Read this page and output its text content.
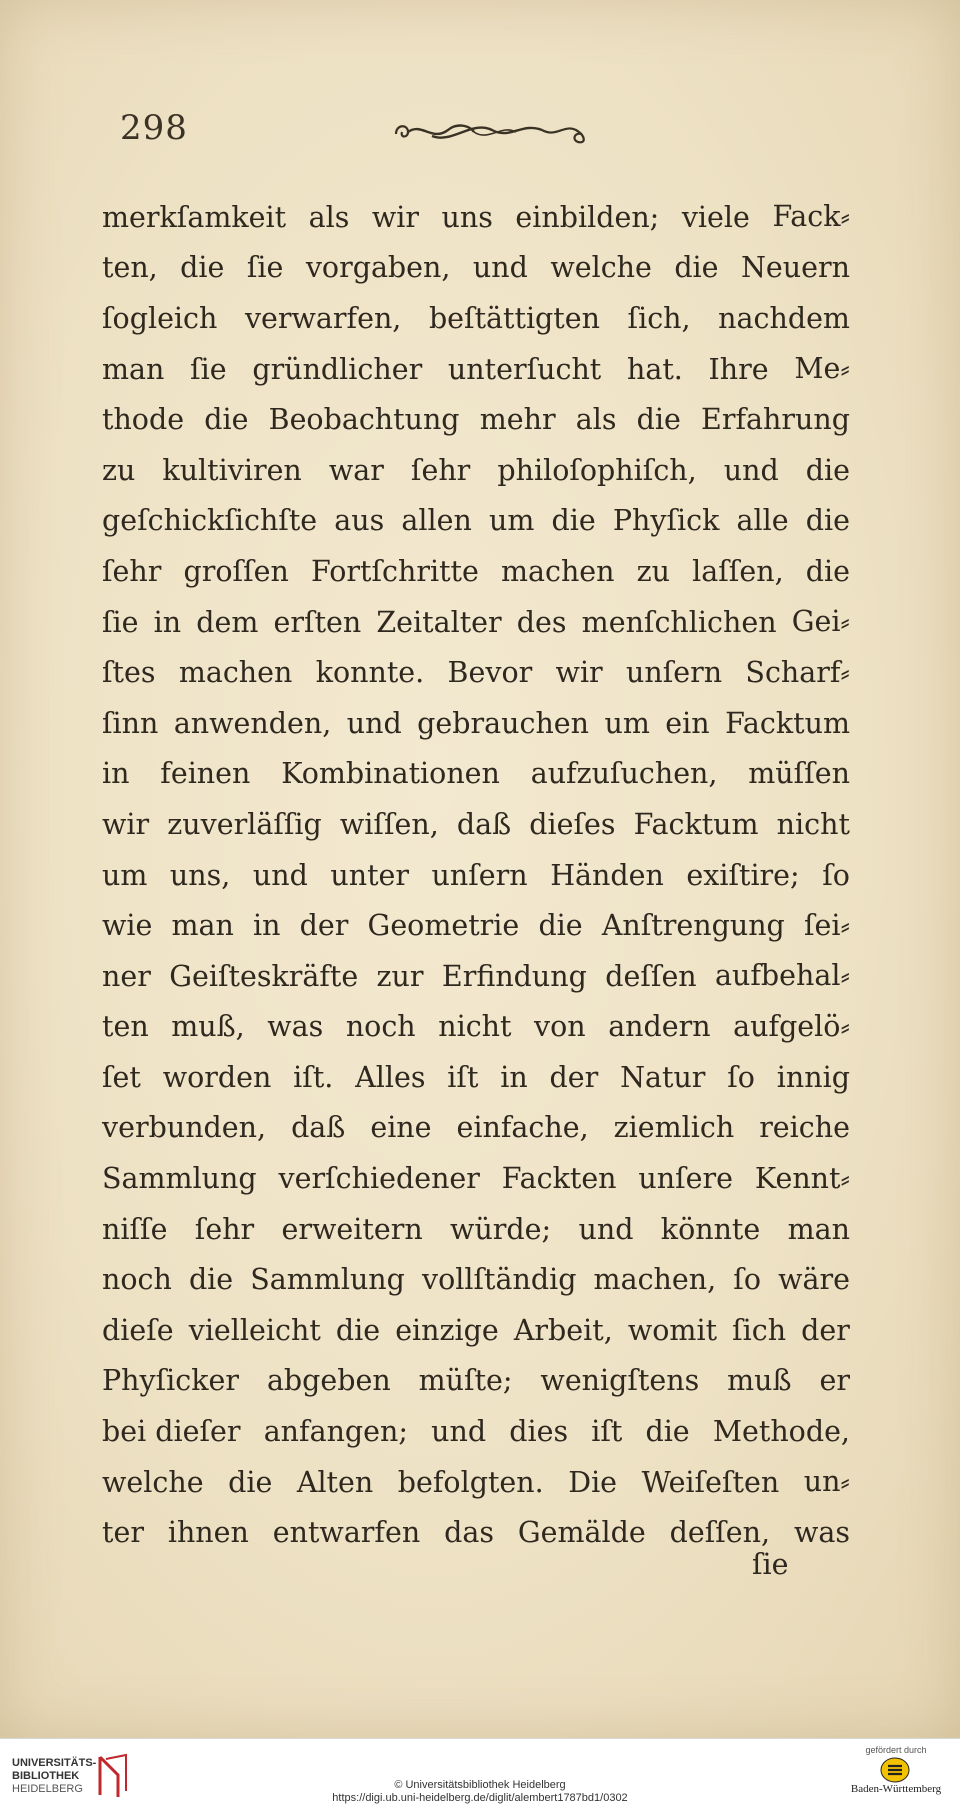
298
merkſamkeit als wir uns einbilden; viele Fack⸗
ten, die ſie vorgaben, und welche die Neuern
ſogleich verwarfen, beſtättigten ſich, nachdem
man ſie gründlicher unterſucht hat. Ihre Me⸗
thode die Beobachtung mehr als die Erfahrung
zu kultiviren war ſehr philoſophiſch, und die
geſchickſichſte aus allen um die Phyſick alle die
ſehr groſſen Fortſchritte machen zu laſſen, die
ſie in dem erſten Zeitalter des menſchlichen Gei⸗
ſtes machen konnte. Bevor wir unſern Scharf⸗
ſinn anwenden, und gebrauchen um ein Facktum
in feinen Kombinationen aufzuſuchen, müſſen
wir zuverläſſig wiſſen, daß dieſes Facktum nicht
um uns, und unter unſern Händen exiſtire; ſo
wie man in der Geometrie die Anſtrengung ſei⸗
ner Geiſteskräfte zur Erfindung deſſen aufbehal⸗
ten muß, was noch nicht von andern aufgelö⸗
ſet worden iſt. Alles iſt in der Natur ſo innig
verbunden, daß eine einfache, ziemlich reiche
Sammlung verſchiedener Fackten unſere Kennt⸗
niſſe ſehr erweitern würde; und könnte man
noch die Sammlung vollſtändig machen, ſo wäre
dieſe vielleicht die einzige Arbeit, womit ſich der
Phyſicker abgeben müſte; wenigſtens muß er
bei dieſer anfangen; und dies iſt die Methode,
welche die Alten befolgten. Die Weiſeſten un⸗
ter ihnen entwarfen das Gemälde deſſen, was
ſie
UNIVERSITÄTS-
BIBLIOTHEK
HEIDELBERG	© Universitätsbibliothek Heidelberg
https://digi.ub.uni-heidelberg.de/diglit/alembert1787bd1/0302
gefördert durch
Baden-Württemberg
